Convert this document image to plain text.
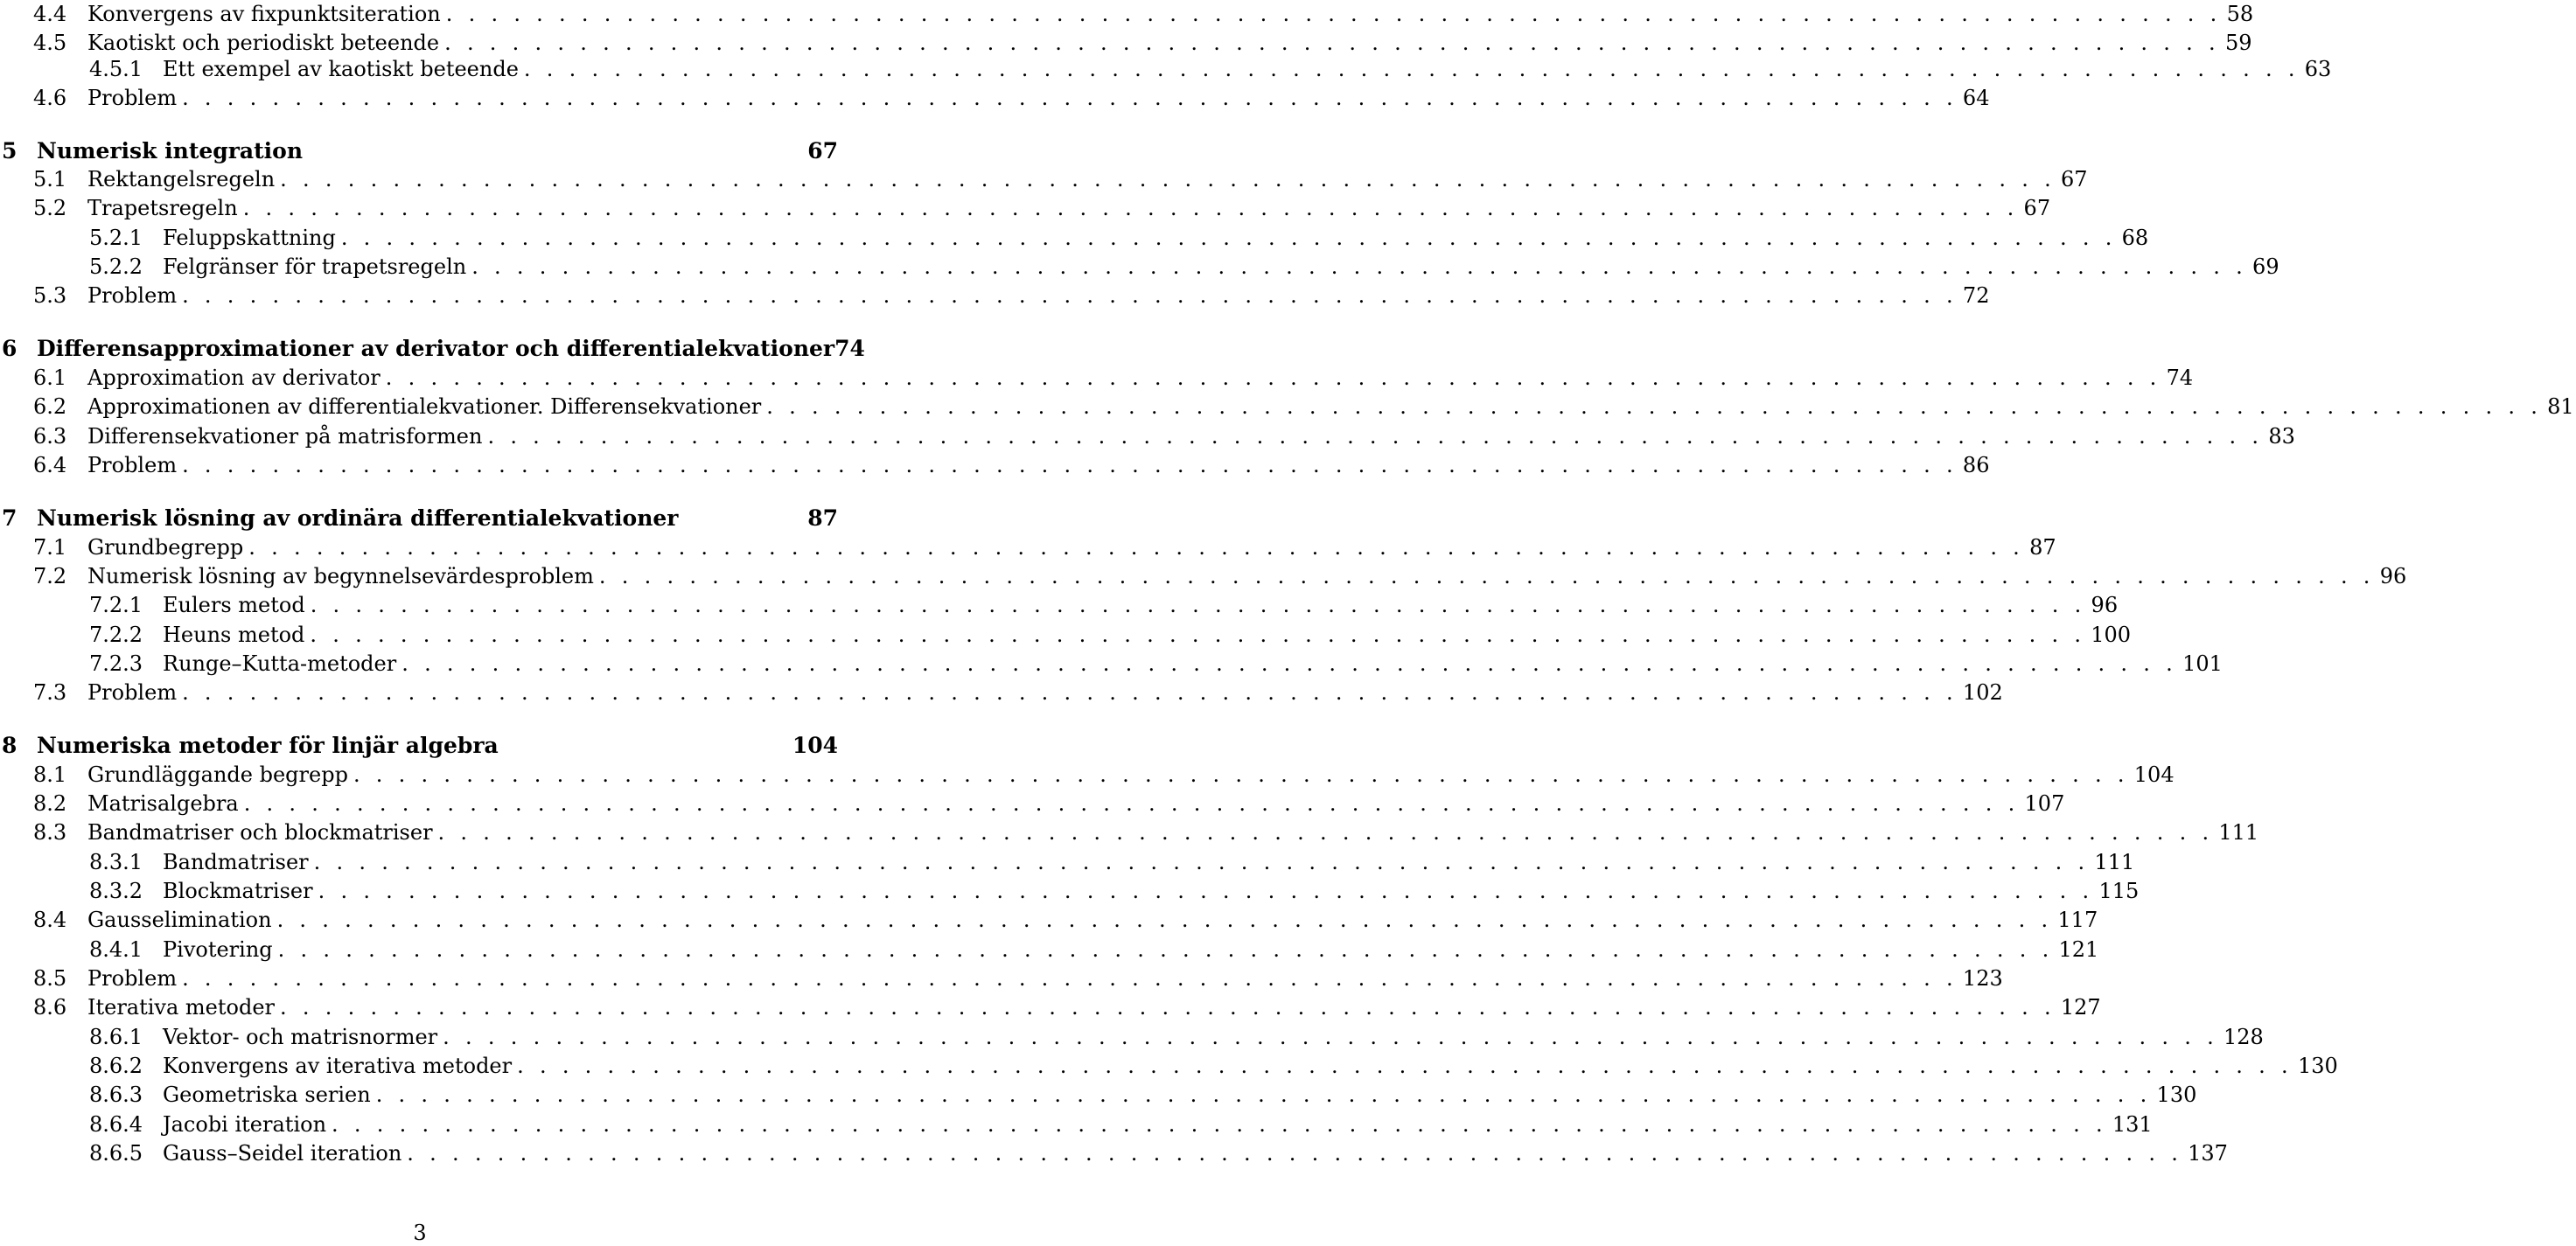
4.4 Konvergens av fixpunktsiteration . . . . . . . . . . . . . . . . . . . . . . . . . . . . . . . . . . . . . . . . . . . . . . . . . . . . . . . . . . . . . . . . . . . . . . . . . . . . . . . 58
4.5 Kaotiskt och periodiskt beteende . . . . . . . . . . . . . . . . . . . . . . . . . . . . . . . . . . . . . . . . . . . . . . . . . . . . . . . . . . . . . . . . . . . . . . . . . . . . . . . 59
4.5.1 Ett exempel av kaotiskt beteende . . . . . . . . . . . . . . . . . . . . . . . . . . . . . . . . . . . . . . . . . . . . . . . . . . . . . . . . . . . . . . . . . . . . . . . . . . . . . . . 63
4.6 Problem . . . . . . . . . . . . . . . . . . . . . . . . . . . . . . . . . . . . . . . . . . . . . . . . . . . . . . . . . . . . . . . . . . . . . . . . . . . . . . . 64
5 Numerisk integration	67
5.1 Rektangelsregeln . . . . . . . . . . . . . . . . . . . . . . . . . . . . . . . . . . . . . . . . . . . . . . . . . . . . . . . . . . . . . . . . . . . . . . . . . . . . . . . 67
5.2 Trapetsregeln . . . . . . . . . . . . . . . . . . . . . . . . . . . . . . . . . . . . . . . . . . . . . . . . . . . . . . . . . . . . . . . . . . . . . . . . . . . . . . . 67
5.2.1 Feluppskattning . . . . . . . . . . . . . . . . . . . . . . . . . . . . . . . . . . . . . . . . . . . . . . . . . . . . . . . . . . . . . . . . . . . . . . . . . . . . . . . 68
5.2.2 Felgränser för trapetsregeln . . . . . . . . . . . . . . . . . . . . . . . . . . . . . . . . . . . . . . . . . . . . . . . . . . . . . . . . . . . . . . . . . . . . . . . . . . . . . . . 69
5.3 Problem . . . . . . . . . . . . . . . . . . . . . . . . . . . . . . . . . . . . . . . . . . . . . . . . . . . . . . . . . . . . . . . . . . . . . . . . . . . . . . . 72
6 Differensapproximationer av derivator och differentialekvationer 74
6.1 Approximation av derivator . . . . . . . . . . . . . . . . . . . . . . . . . . . . . . . . . . . . . . . . . . . . . . . . . . . . . . . . . . . . . . . . . . . . . . . . . . . . . . . 74
6.2 Approximationen av differentialekvationer. Differensekvationer . . . . . . . . . . . . . . . . . . . . . . . . . . . . . . . . . . . . . . . . . . . . . . . . . . . . . . . . . . . . . . . . . . . . . . . . . . . . . . . 81
6.3 Differensekvationer på matrisformen . . . . . . . . . . . . . . . . . . . . . . . . . . . . . . . . . . . . . . . . . . . . . . . . . . . . . . . . . . . . . . . . . . . . . . . . . . . . . . . 83
6.4 Problem . . . . . . . . . . . . . . . . . . . . . . . . . . . . . . . . . . . . . . . . . . . . . . . . . . . . . . . . . . . . . . . . . . . . . . . . . . . . . . . 86
7 Numerisk lösning av ordinära differentialekvationer	87
7.1 Grundbegrepp . . . . . . . . . . . . . . . . . . . . . . . . . . . . . . . . . . . . . . . . . . . . . . . . . . . . . . . . . . . . . . . . . . . . . . . . . . . . . . . 87
7.2 Numerisk lösning av begynnelsevärdesproblem . . . . . . . . . . . . . . . . . . . . . . . . . . . . . . . . . . . . . . . . . . . . . . . . . . . . . . . . . . . . . . . . . . . . . . . . . . . . . . . 96
7.2.1 Eulers metod . . . . . . . . . . . . . . . . . . . . . . . . . . . . . . . . . . . . . . . . . . . . . . . . . . . . . . . . . . . . . . . . . . . . . . . . . . . . . . . 96
7.2.2 Heuns metod . . . . . . . . . . . . . . . . . . . . . . . . . . . . . . . . . . . . . . . . . . . . . . . . . . . . . . . . . . . . . . . . . . . . . . . . . . . . . . . 100
7.2.3 Runge–Kutta-metoder . . . . . . . . . . . . . . . . . . . . . . . . . . . . . . . . . . . . . . . . . . . . . . . . . . . . . . . . . . . . . . . . . . . . . . . . . . . . . . . 101
7.3 Problem . . . . . . . . . . . . . . . . . . . . . . . . . . . . . . . . . . . . . . . . . . . . . . . . . . . . . . . . . . . . . . . . . . . . . . . . . . . . . . . 102
8 Numeriska metoder för linjär algebra	104
8.1 Grundläggande begrepp . . . . . . . . . . . . . . . . . . . . . . . . . . . . . . . . . . . . . . . . . . . . . . . . . . . . . . . . . . . . . . . . . . . . . . . . . . . . . . . 104
8.2 Matrisalgebra . . . . . . . . . . . . . . . . . . . . . . . . . . . . . . . . . . . . . . . . . . . . . . . . . . . . . . . . . . . . . . . . . . . . . . . . . . . . . . . 107
8.3 Bandmatriser och blockmatriser . . . . . . . . . . . . . . . . . . . . . . . . . . . . . . . . . . . . . . . . . . . . . . . . . . . . . . . . . . . . . . . . . . . . . . . . . . . . . . . 111
8.3.1 Bandmatriser . . . . . . . . . . . . . . . . . . . . . . . . . . . . . . . . . . . . . . . . . . . . . . . . . . . . . . . . . . . . . . . . . . . . . . . . . . . . . . . 111
8.3.2 Blockmatriser . . . . . . . . . . . . . . . . . . . . . . . . . . . . . . . . . . . . . . . . . . . . . . . . . . . . . . . . . . . . . . . . . . . . . . . . . . . . . . . 115
8.4 Gausselimination . . . . . . . . . . . . . . . . . . . . . . . . . . . . . . . . . . . . . . . . . . . . . . . . . . . . . . . . . . . . . . . . . . . . . . . . . . . . . . . 117
8.4.1 Pivotering . . . . . . . . . . . . . . . . . . . . . . . . . . . . . . . . . . . . . . . . . . . . . . . . . . . . . . . . . . . . . . . . . . . . . . . . . . . . . . . 121
8.5 Problem . . . . . . . . . . . . . . . . . . . . . . . . . . . . . . . . . . . . . . . . . . . . . . . . . . . . . . . . . . . . . . . . . . . . . . . . . . . . . . . 123
8.6 Iterativa metoder . . . . . . . . . . . . . . . . . . . . . . . . . . . . . . . . . . . . . . . . . . . . . . . . . . . . . . . . . . . . . . . . . . . . . . . . . . . . . . . 127
8.6.1 Vektor- och matrisnormer . . . . . . . . . . . . . . . . . . . . . . . . . . . . . . . . . . . . . . . . . . . . . . . . . . . . . . . . . . . . . . . . . . . . . . . . . . . . . . . 128
8.6.2 Konvergens av iterativa metoder . . . . . . . . . . . . . . . . . . . . . . . . . . . . . . . . . . . . . . . . . . . . . . . . . . . . . . . . . . . . . . . . . . . . . . . . . . . . . . . 130
8.6.3 Geometriska serien . . . . . . . . . . . . . . . . . . . . . . . . . . . . . . . . . . . . . . . . . . . . . . . . . . . . . . . . . . . . . . . . . . . . . . . . . . . . . . . 130
8.6.4 Jacobi iteration . . . . . . . . . . . . . . . . . . . . . . . . . . . . . . . . . . . . . . . . . . . . . . . . . . . . . . . . . . . . . . . . . . . . . . . . . . . . . . . 131
8.6.5 Gauss–Seidel iteration . . . . . . . . . . . . . . . . . . . . . . . . . . . . . . . . . . . . . . . . . . . . . . . . . . . . . . . . . . . . . . . . . . . . . . . . . . . . . . . 137
3
